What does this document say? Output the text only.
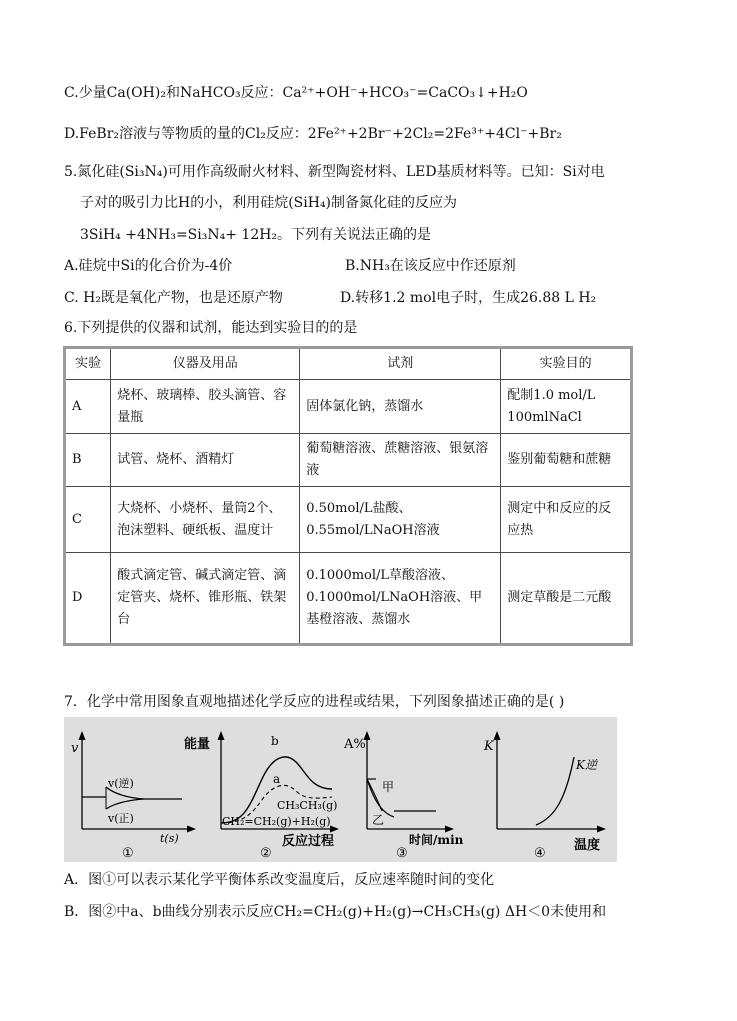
C.少量Ca(OH)₂和NaHCO₃反应：Ca²⁺+OH⁻+HCO₃⁻=CaCO₃↓+H₂O
D.FeBr₂溶液与等物质的量的Cl₂反应：2Fe²⁺+2Br⁻+2Cl₂=2Fe³⁺+4Cl⁻+Br₂
5.氮化硅(Si₃N₄)可用作高级耐火材料、新型陶瓷材料、LED基质材料等。已知：Si对电
子对的吸引力比H的小，利用硅烷(SiH₄)制备氮化硅的反应为
3SiH₄ +4NH₃=Si₃N₄+ 12H₂。下列有关说法正确的是
A.硅烷中Si的化合价为-4价	B.NH₃在该反应中作还原剂
C. H₂既是氧化产物，也是还原产物	D.转移1.2 mol电子时，生成26.88 L H₂
6.下列提供的仪器和试剂，能达到实验目的的是
实验	仪器及用品	试剂	实验目的
A	烧杯、玻璃棒、胶头滴管、容量瓶	固体氯化钠，蒸馏水	配制1.0 mol/L 100mlNaCl
B	试管、烧杯、酒精灯	葡萄糖溶液、蔗糖溶液、银氨溶液	鉴别葡萄糖和蔗糖
C	大烧杯、小烧杯、量筒2个、泡沫塑料、硬纸板、温度计	0.50mol/L盐酸、0.55mol/LNaOH溶液	测定中和反应的反应热
D	酸式滴定管、碱式滴定管、滴定管夹、烧杯、锥形瓶、铁架台	0.1000mol/L草酸溶液、0.1000mol/LNaOH溶液、甲基橙溶液、蒸馏水	测定草酸是二元酸
7．化学中常用图象直观地描述化学反应的进程或结果，下列图象描述正确的是( )
v
v(逆)
v(正)
t(s)
①
能量	b
a
CH₃CH₃(g)
CH₂=CH₂(g)+H₂(g)
反应过程
②
A%
甲
乙
时间/min
③
K
K逆
温度
④
A．图①可以表示某化学平衡体系改变温度后，反应速率随时间的变化
B．图②中a、b曲线分别表示反应CH₂=CH₂(g)+H₂(g)→CH₃CH₃(g) ΔH＜0未使用和
